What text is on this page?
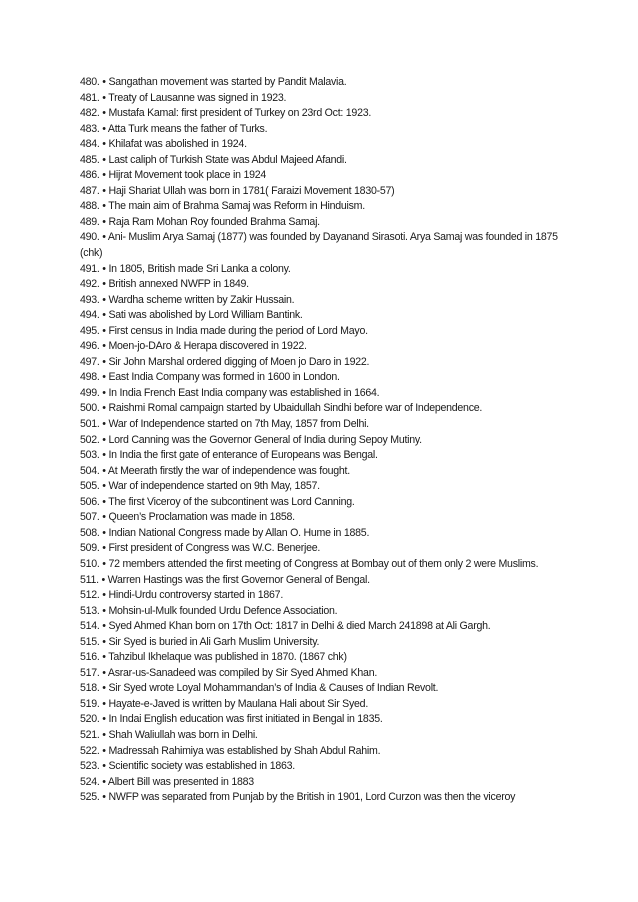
480. • Sangathan movement was started by Pandit Malavia.

481. • Treaty of Lausanne was signed in 1923.

482. • Mustafa Kamal: first president of Turkey on 23rd Oct: 1923.

483. • Atta Turk means the father of Turks.

484. • Khilafat was abolished in 1924.

485. • Last caliph of Turkish State was Abdul Majeed Afandi.

486. • Hijrat Movement took place in 1924

487. • Haji Shariat Ullah was born in 1781( Faraizi Movement 1830-57)

488. • The main aim of Brahma Samaj was Reform in Hinduism.

489. • Raja Ram Mohan Roy founded Brahma Samaj.

490. • Ani- Muslim Arya Samaj (1877) was founded by Dayanand Sirasoti. Arya Samaj was founded in 1875 (chk)

491. • In 1805, British made Sri Lanka a colony.

492. • British annexed NWFP in 1849.

493. • Wardha scheme written by Zakir Hussain.

494. • Sati was abolished by Lord William Bantink.

495. • First census in India made during the period of Lord Mayo.

496. • Moen-jo-DAro & Herapa discovered in 1922.

497. • Sir John Marshal ordered digging of Moen jo Daro in 1922.

498. • East India Company was formed in 1600 in London.

499. • In India French East India company was established in 1664.

500. • Raishmi Romal campaign started by Ubaidullah Sindhi before war of Independence.

501. • War of Independence started on 7th May, 1857 from Delhi.

502. • Lord Canning was the Governor General of India during Sepoy Mutiny.

503. • In India the first gate of enterance of Europeans was Bengal.

504. • At Meerath firstly the war of independence was fought.

505. • War of independence started on 9th May, 1857.

506. • The first Viceroy of the subcontinent was Lord Canning.

507. • Queen’s Proclamation was made in 1858.

508. • Indian National Congress made by Allan O. Hume in 1885.

509. • First president of Congress was W.C. Benerjee.

510. • 72 members attended the first meeting of Congress at Bombay out of them only 2 were Muslims.

511. • Warren Hastings was the first Governor General of Bengal.

512. • Hindi-Urdu controversy started in 1867.

513. • Mohsin-ul-Mulk founded Urdu Defence Association.

514. • Syed Ahmed Khan born on 17th Oct: 1817 in Delhi & died March 241898 at Ali Gargh.

515. • Sir Syed is buried in Ali Garh Muslim University.

516. • Tahzibul Ikhelaque was published in 1870. (1867 chk)

517. • Asrar-us-Sanadeed was compiled by Sir Syed Ahmed Khan.

518. • Sir Syed wrote Loyal Mohammandan’s of India & Causes of Indian Revolt.

519. • Hayate-e-Javed is written by Maulana Hali about Sir Syed.

520. • In Indai English education was first initiated in Bengal in 1835.

521. • Shah Waliullah was born in Delhi.

522. • Madressah Rahimiya was established by Shah Abdul Rahim.

523. • Scientific society was established in 1863.

524. • Albert Bill was presented in 1883

525. • NWFP was separated from Punjab by the British in 1901, Lord Curzon was then the viceroy
